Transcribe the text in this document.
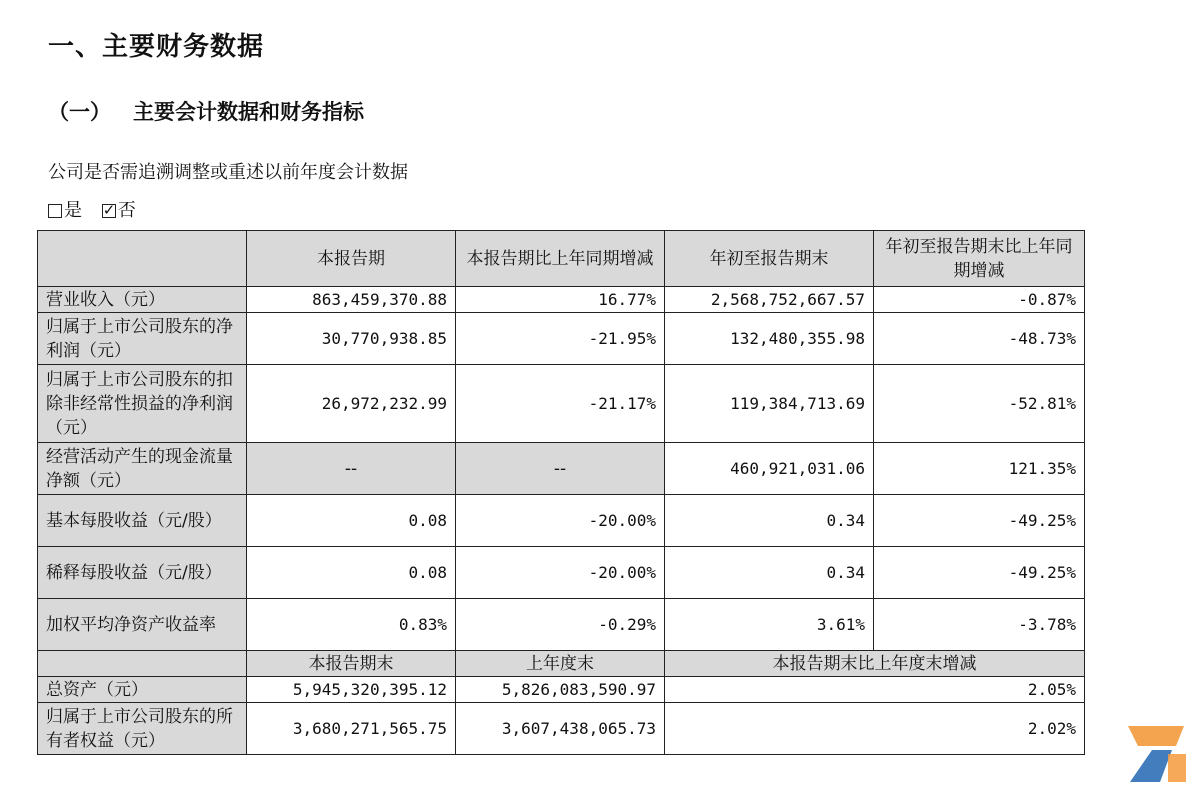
一、主要财务数据
（一） 主要会计数据和财务指标
公司是否需追溯调整或重述以前年度会计数据
是 ✓ 否
	本报告期	本报告期比上年同期增减	年初至报告期末	年初至报告期末比上年同期增减
营业收入（元）	863,459,370.88	16.77%	2,568,752,667.57	-0.87%
归属于上市公司股东的净利润（元）	30,770,938.85	-21.95%	132,480,355.98	-48.73%
归属于上市公司股东的扣除非经常性损益的净利润（元）	26,972,232.99	-21.17%	119,384,713.69	-52.81%
经营活动产生的现金流量净额（元）	--	--	460,921,031.06	121.35%
基本每股收益（元/股）	0.08	-20.00%	0.34	-49.25%
稀释每股收益（元/股）	0.08	-20.00%	0.34	-49.25%
加权平均净资产收益率	0.83%	-0.29%	3.61%	-3.78%
	本报告期末	上年度末	本报告期末比上年度末增减	
总资产（元）	5,945,320,395.12	5,826,083,590.97	2.05%	
归属于上市公司股东的所有者权益（元）	3,680,271,565.75	3,607,438,065.73	2.02%	
